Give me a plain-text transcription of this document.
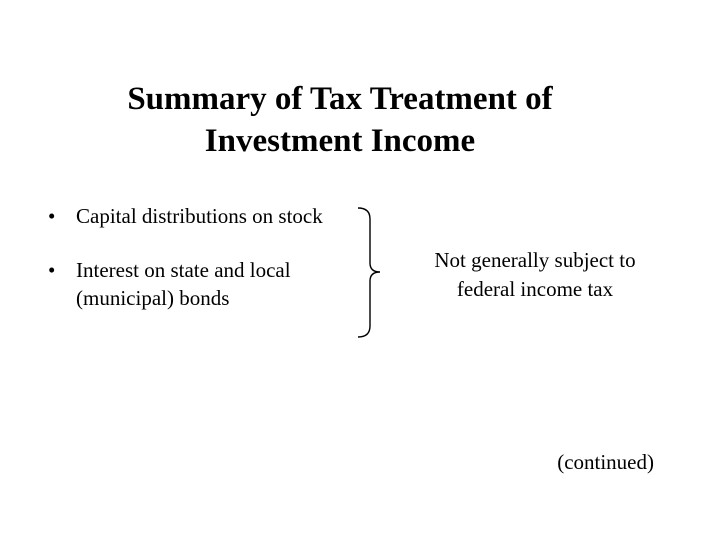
Summary of Tax Treatment of
Investment Income
• Capital distributions on stock
• Interest on state and local (municipal) bonds
Not generally subject to federal income tax
(continued)
